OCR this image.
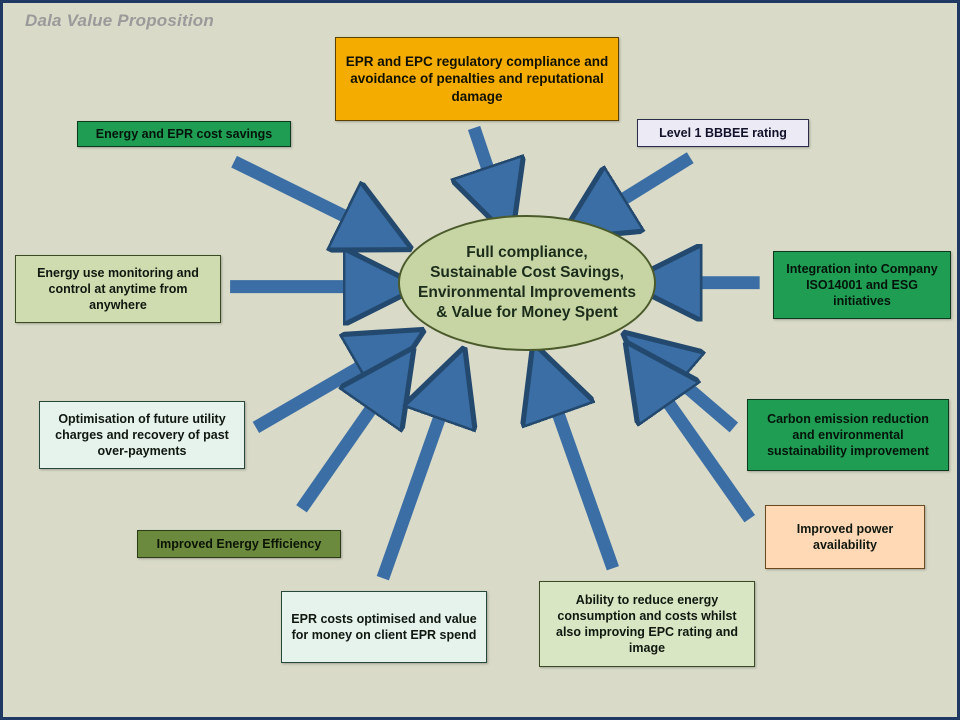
Dala Value Proposition
Full compliance,
Sustainable Cost Savings,
Environmental Improvements
& Value for Money Spent
EPR and EPC regulatory compliance and avoidance of penalties and reputational damage
Energy and EPR cost savings	Level 1 BBBEE rating
Energy use monitoring and control at anytime from anywhere
Integration into Company ISO14001 and ESG initiatives
Optimisation of future utility charges and recovery of past over-payments
Carbon emission reduction and environmental sustainability improvement
Improved Energy Efficiency
Improved power availability
EPR costs optimised and value for money on client EPR spend
Ability to reduce energy consumption and costs whilst also improving EPC rating and image
